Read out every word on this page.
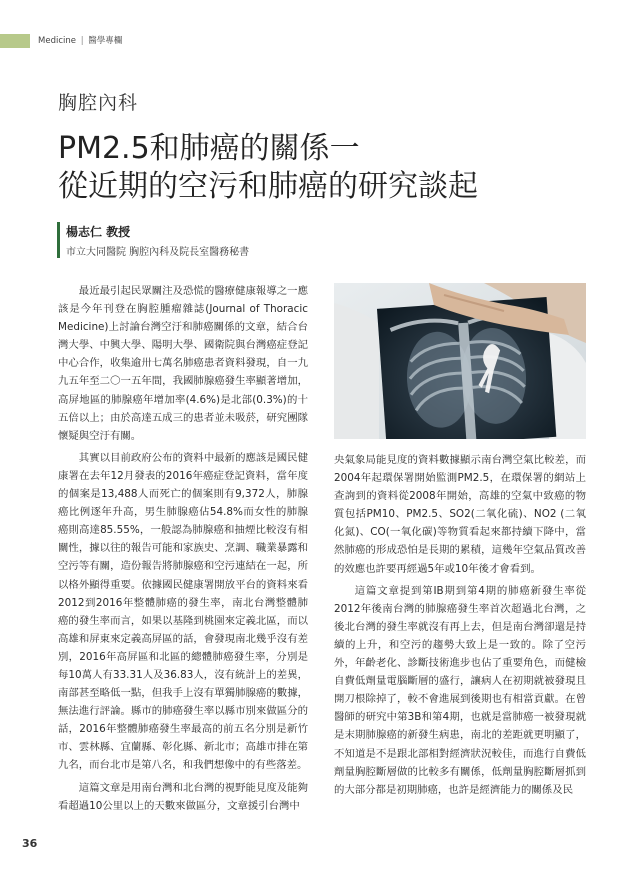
Medicine | 醫學專欄
胸腔內科
PM2.5和肺癌的關係一
從近期的空污和肺癌的研究談起
楊志仁 教授
市立大同醫院 胸腔內科及院長室醫務秘書

最近最引起民眾關注及恐慌的醫療健康報導之一應該是今年刊登在胸腔腫瘤雜誌(Journal of Thoracic Medicine)上討論台灣空汙和肺癌關係的文章，結合台灣大學、中興大學、陽明大學、國衛院與台灣癌症登記中心合作，收集逾卅七萬名肺癌患者資料發現，自一九九五年至二〇一五年間，我國肺腺癌發生率顯著增加，高屏地區的肺腺癌年增加率(4.6%)是北部(0.3%)的十五倍以上；由於高達五成三的患者並未吸菸，研究團隊懷疑與空汙有關。

其實以目前政府公布的資料中最新的應該是國民健康署在去年12月發表的2016年癌症登記資料，當年度的個案是13,488人而死亡的個案則有9,372人，肺腺癌比例逐年升高，男生肺腺癌佔54.8%而女性的肺腺癌則高達85.55%，一般認為肺腺癌和抽煙比較沒有相關性，據以往的報告可能和家族史、烹調、職業暴露和空污等有關，造份報告將肺腺癌和空污連結在一起，所以格外顯得重要。依據國民健康署開放平台的資料來看2012到2016年整體肺癌的發生率，南北台灣整體肺癌的發生率而言，如果以基隆到桃園來定義北區，而以高雄和屏東來定義高屏區的話，會發現南北幾乎沒有差別，2016年高屏區和北區的總體肺癌發生率，分別是每10萬人有33.31人及36.83人，沒有統計上的差異，南部甚至略低一點，但我手上沒有單獨肺腺癌的數據，無法進行評論。縣市的肺癌發生率以縣市別來做區分的話，2016年整體肺癌發生率最高的前五名分別是新竹市、雲林縣、宜蘭縣、彰化縣、新北市；高雄市排在第九名，而台北市是第八名，和我們想像中的有些落差。

這篇文章是用南台灣和北台灣的視野能見度及能夠看超過10公里以上的天數來做區分，文章援引台灣中

央氣象局能見度的資料數據顯示南台灣空氣比較差，而2004年起環保署開始監測PM2.5，在環保署的網站上查詢到的資料從2008年開始，高雄的空氣中致癌的物質包括PM10、PM2.5、SO2(二氧化硫)、NO2 (二氧化氮)、CO(一氧化碳)等物質看起來都持續下降中，當然肺癌的形成恐怕是長期的累積，這幾年空氣品質改善的效應也許要再經過5年或10年後才會看到。

這篇文章提到第IB期到第4期的肺癌新發生率從2012年後南台灣的肺腺癌發生率首次超過北台灣，之後北台灣的發生率就沒有再上去，但是南台灣卻還是持續的上升，和空污的趨勢大致上是一致的。除了空污外，年齡老化、診斷技術進步也佔了重要角色，而健檢自費低劑量電腦斷層的盛行，讓病人在初期就被發現且開刀根除掉了，較不會進展到後期也有相當貢獻。在曾醫師的研究中第3B和第4期，也就是當肺癌一被發現就是末期肺腺癌的新發生病患，南北的差距就更明顯了，不知道是不是跟北部相對經濟狀況較佳，而進行自費低劑量胸腔斷層做的比較多有關係，低劑量胸腔斷層抓到的大部分都是初期肺癌，也許是經濟能力的關係及民

36
